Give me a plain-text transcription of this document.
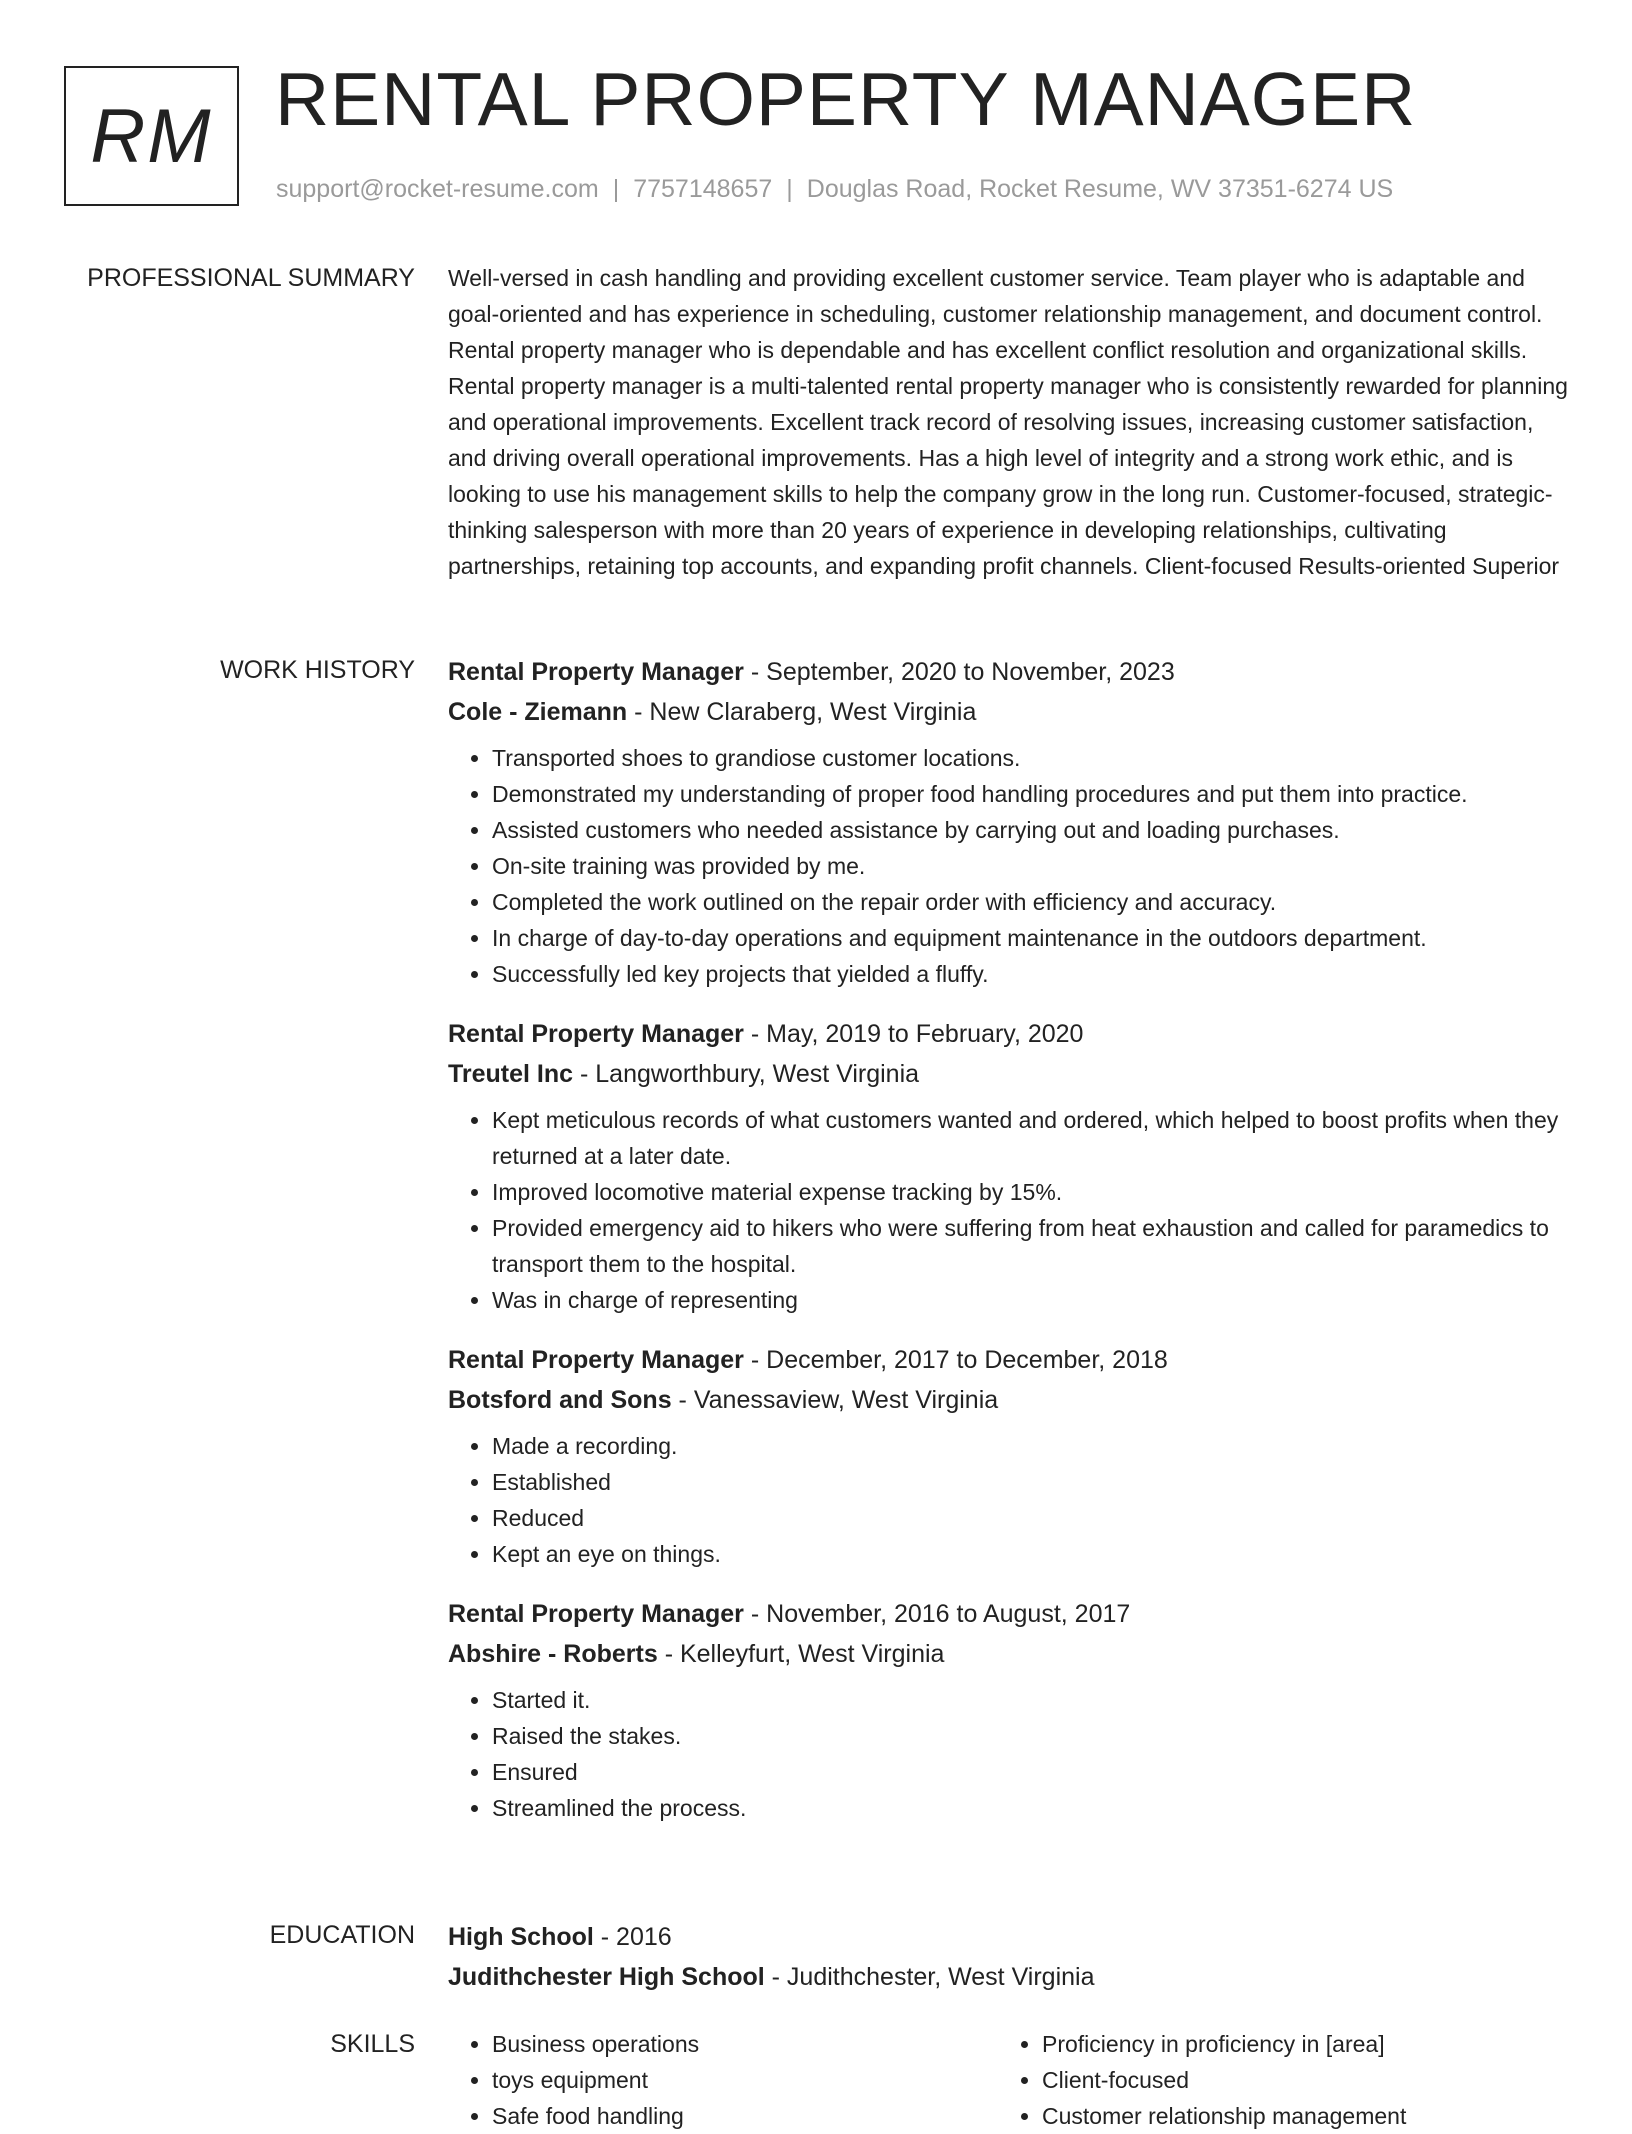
RM RENTAL PROPERTY MANAGER
support@rocket-resume.com | 7757148657 | Douglas Road, Rocket Resume, WV 37351-6274 US
PROFESSIONAL SUMMARY Well-versed in cash handling and providing excellent customer service. Team player who is adaptable and goal-oriented and has experience in scheduling, customer relationship management, and document control. Rental property manager who is dependable and has excellent conflict resolution and organizational skills. Rental property manager is a multi-talented rental property manager who is consistently rewarded for planning and operational improvements. Excellent track record of resolving issues, increasing customer satisfaction, and driving overall operational improvements. Has a high level of integrity and a strong work ethic, and is looking to use his management skills to help the company grow in the long run. Customer-focused, strategic-thinking salesperson with more than 20 years of experience in developing relationships, cultivating partnerships, retaining top accounts, and expanding profit channels. Client-focused Results-oriented Superior

WORK HISTORY Rental Property Manager - September, 2020 to November, 2023
Cole - Ziemann - New Claraberg, West Virginia
• Transported shoes to grandiose customer locations.
• Demonstrated my understanding of proper food handling procedures and put them into practice.
• Assisted customers who needed assistance by carrying out and loading purchases.
• On-site training was provided by me.
• Completed the work outlined on the repair order with efficiency and accuracy.
• In charge of day-to-day operations and equipment maintenance in the outdoors department.
• Successfully led key projects that yielded a fluffy.
Rental Property Manager - May, 2019 to February, 2020
Treutel Inc - Langworthbury, West Virginia
• Kept meticulous records of what customers wanted and ordered, which helped to boost profits when they returned at a later date.
• Improved locomotive material expense tracking by 15%.
• Provided emergency aid to hikers who were suffering from heat exhaustion and called for paramedics to transport them to the hospital.
• Was in charge of representing
Rental Property Manager - December, 2017 to December, 2018
Botsford and Sons - Vanessaview, West Virginia
• Made a recording.
• Established
• Reduced
• Kept an eye on things.
Rental Property Manager - November, 2016 to August, 2017
Abshire - Roberts - Kelleyfurt, West Virginia
• Started it.
• Raised the stakes.
• Ensured
• Streamlined the process.
EDUCATION High School - 2016
Judithchester High School - Judithchester, West Virginia
SKILLS
•	Business operations
• toys equipment
• Safe food handling
• Proficiency in proficiency in [area]
• Client-focused
• Customer relationship management
